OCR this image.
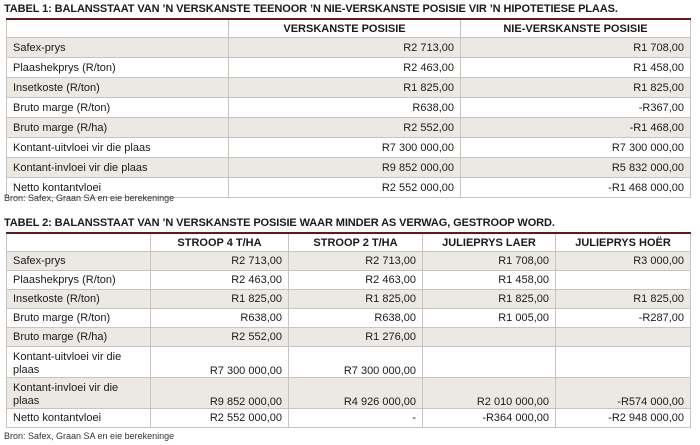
TABEL 1: BALANSSTAAT VAN ’N VERSKANSTE TEENOOR ’N NIE-VERSKANSTE POSISIE VIR ’N HIPOTETIESE PLAAS.
	VERSKANSTE POSISIE	NIE-VERSKANSTE POSISIE
Safex-prys	R2 713,00	R1 708,00
Plaashekprys (R/ton)	R2 463,00	R1 458,00
Insetkoste (R/ton)	R1 825,00	R1 825,00
Bruto marge (R/ton)	R638,00	-R367,00
Bruto marge (R/ha)	R2 552,00	-R1 468,00
Kontant-uitvloei vir die plaas	R7 300 000,00	R7 300 000,00
Kontant-invloei vir die plaas	R9 852 000,00	R5 832 000,00
Netto kontantvloei	R2 552 000,00	-R1 468 000,00
Bron: Safex, Graan SA en eie berekeninge
TABEL 2: BALANSSTAAT VAN ’N VERSKANSTE POSISIE WAAR MINDER AS VERWAG, GESTROOP WORD.
	STROOP 4 T/HA	STROOP 2 T/HA	JULIEPRYS LAER	JULIEPRYS HOËR
Safex-prys	R2 713,00	R2 713,00	R1 708,00	R3 000,00
Plaashekprys (R/ton)	R2 463,00	R2 463,00	R1 458,00	
Insetkoste (R/ton)	R1 825,00	R1 825,00	R1 825,00	R1 825,00
Bruto marge (R/ton)	R638,00	R638,00	R1 005,00	-R287,00
Bruto marge (R/ha)	R2 552,00	R1 276,00		
Kontant-uitvloei vir die plaas	R7 300 000,00	R7 300 000,00		
Kontant-invloei vir die plaas	R9 852 000,00	R4 926 000,00	R2 010 000,00	-R574 000,00
Netto kontantvloei	R2 552 000,00	-	-R364 000,00	-R2 948 000,00
Bron: Safex, Graan SA en eie berekeninge
